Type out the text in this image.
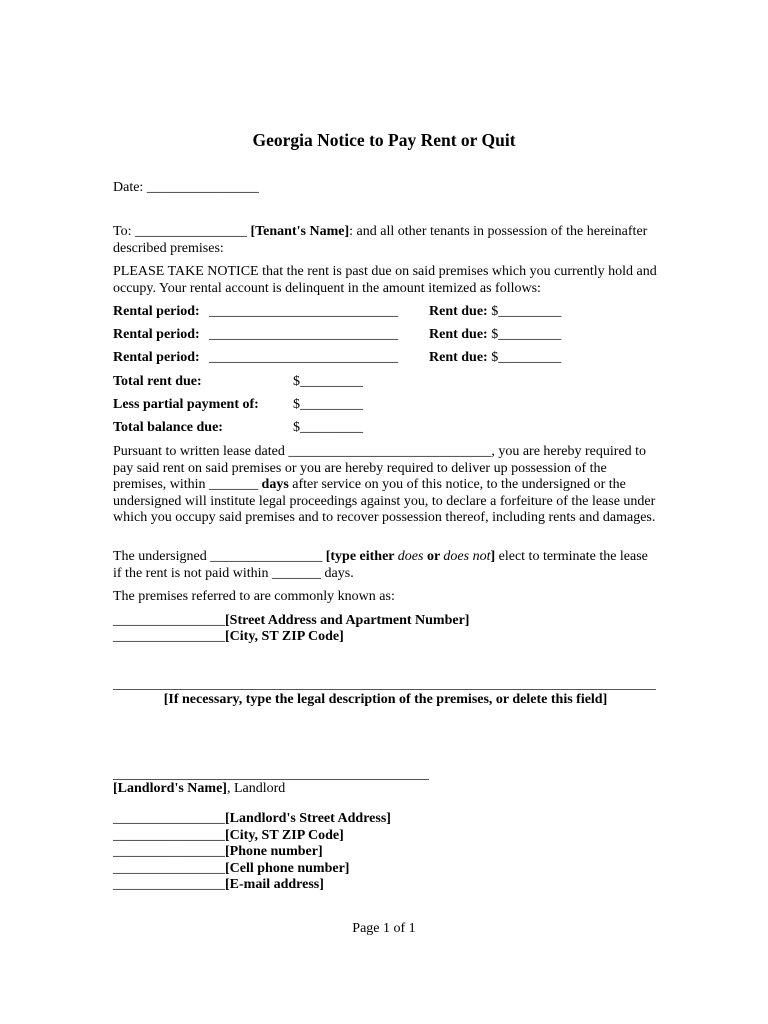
Georgia Notice to Pay Rent or Quit
Date: ________________
To: ________________ [Tenant's Name]: and all other tenants in possession of the hereinafter described premises:
PLEASE TAKE NOTICE that the rent is past due on said premises which you currently hold and occupy. Your rental account is delinquent in the amount itemized as follows:
Rental period: ___________________________ Rent due: $_________
Rental period: ___________________________ Rent due: $_________
Rental period: ___________________________ Rent due: $_________
Total rent due:	$_________
Less partial payment of: $_________
Total balance due:	$_________
Pursuant to written lease dated _____________________________, you are hereby required to pay said rent on said premises or you are hereby required to deliver up possession of the premises, within _______ days after service on you of this notice, to the undersigned or the undersigned will institute legal proceedings against you, to declare a forfeiture of the lease under which you occupy said premises and to recover possession thereof, including rents and damages.
The undersigned ________________ [type either does or does not] elect to terminate the lease if the rent is not paid within _______ days.
The premises referred to are commonly known as:
________________[Street Address and Apartment Number]
________________[City, ST ZIP Code]
[If necessary, type the legal description of the premises, or delete this field]
[Landlord's Name], Landlord
________________[Landlord's Street Address]
________________[City, ST ZIP Code]
________________[Phone number]
________________[Cell phone number]
________________[E-mail address]
Page 1 of 1
